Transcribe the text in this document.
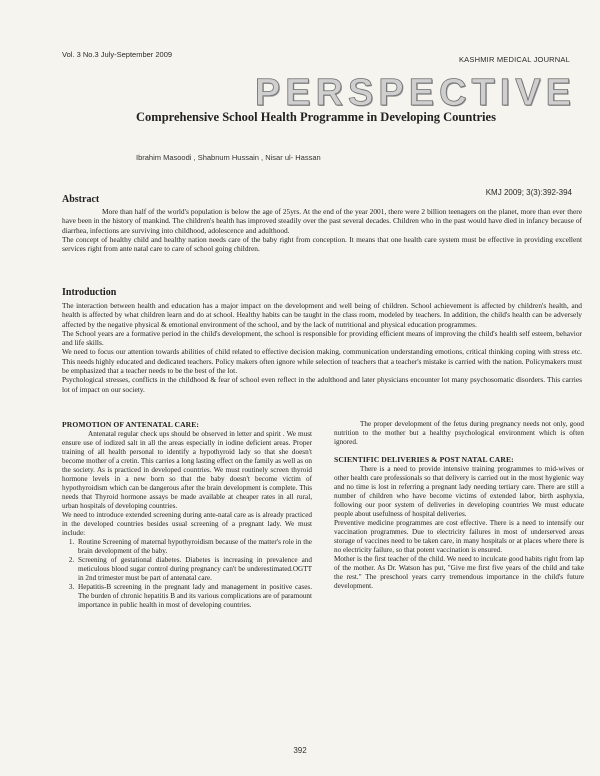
Vol. 3 No.3 July-September 2009
KASHMIR MEDICAL JOURNAL
PERSPECTIVE
Comprehensive School Health Programme in Developing Countries
Ibrahim Masoodi , Shabnum Hussain , Nisar ul- Hassan
Abstract
KMJ 2009; 3(3):392-394

More than half of the world's population is below the age of 25yrs. At the end of the year 2001, there were 2 billion teenagers on the planet, more than ever there have been in the history of mankind. The children's health has improved steadily over the past several decades. Children who in the past would have died in infancy because of diarrhea, infections are surviving into childhood, adolescence and adulthood.

The concept of healthy child and healthy nation needs care of the baby right from conception. It means that one health care system must be effective in providing excellent services right from ante natal care to care of school going children.

Introduction

The interaction between health and education has a major impact on the development and well being of children. School achievement is affected by children's health, and health is affected by what children learn and do at school. Healthy habits can be taught in the class room, modeled by teachers. In addition, the child's health can be adversely affected by the negative physical & emotional environment of the school, and by the lack of nutritional and physical education programmes.

The School years are a formative period in the child's development, the school is responsible for providing efficient means of improving the child's health self esteem, behavior and life skills.

We need to focus our attention towards abilities of child related to effective decision making, communication understanding emotions, critical thinking coping with stress etc. This needs highly educated and dedicated teachers. Policy makers often ignore while selection of teachers that a teacher's mistake is carried with the nation. Policymakers must be emphasized that a teacher needs to be the best of the lot.

Psychological stresses, conflicts in the childhood & fear of school even reflect in the adulthood and later physicians encounter lot many psychosomatic disorders. This carries lot of impact on our society.

PROMOTION OF ANTENATAL CARE:

Antenatal regular check ups should be observed in letter and spirit . We must ensure use of iodized salt in all the areas especially in iodine deficient areas. Proper training of all health personal to identify a hypothyroid lady so that she doesn't become mother of a cretin. This carries a long lasting effect on the family as well as on the society. As is practiced in developed countries. We must routinely screen thyroid hormone levels in a new born so that the baby doesn't become victim of hypothyroidism which can be dangerous after the brain development is complete. This needs that Thyroid hormone assays be made available at cheaper rates in all rural, urban hospitals of developing countries.

We need to introduce extended screening during ante-natal care as is already practiced in the developed countries besides usual screening of a pregnant lady. We must include:

1. Routine Screening of maternal hypothyroidism because of the matter's role in the brain development of the baby.
2. Screening of gestational diabetes. Diabetes is increasing in prevalence and meticulous blood sugar control during pregnancy can't be underestimated.OGTT in 2nd trimester must be part of antenatal care.
3. Hepatitis-B screening in the pregnant lady and management in positive cases. The burden of chronic hepatitis B and its various complications are of paramount importance in public health in most of developing countries.

The proper development of the fetus during pregnancy needs not only, good nutrition to the mother but a healthy psychological environment which is often ignored.

SCIENTIFIC DELIVERIES & POST NATAL CARE:

There is a need to provide intensive training programmes to mid-wives or other health care professionals so that delivery is carried out in the most hygienic way and no time is lost in referring a pregnant lady needing tertiary care. There are still a number of children who have become victims of extended labor, birth asphyxia, following our poor system of deliveries in developing countries We must educate people about usefulness of hospital deliveries.

Preventive medicine programmes are cost effective. There is a need to intensify our vaccination programmes. Due to electricity failures in most of underserved areas storage of vaccines need to be taken care, in many hospitals or at places where there is no electricity failure, so that potent vaccination is ensured.

Mother is the first teacher of the child. We need to inculcate good habits right from lap of the mother. As Dr. Watson has put, "Give me first five years of the child and take the rest." The preschool years carry tremendous importance in the child's future development.

392
